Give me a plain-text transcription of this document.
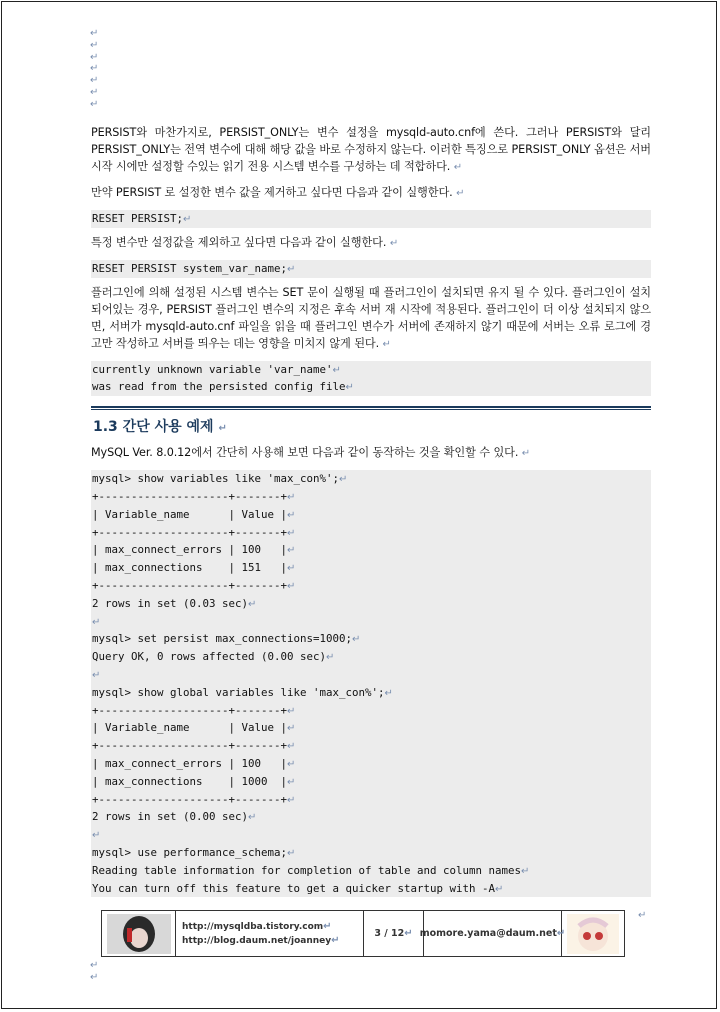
↵
↵
↵
↵
↵
↵
↵

PERSIST와 마찬가지로, PERSIST_ONLY는 변수 설정을 mysqld-auto.cnf에 쓴다. 그러나 PERSIST와 달리 PERSIST_ONLY는 전역 변수에 대해 해당 값을 바로 수정하지 않는다. 이러한 특징으로 PERSIST_ONLY 옵션은 서버 시작 시에만 설정할 수있는 읽기 전용 시스템 변수를 구성하는 데 적합하다. ↵

만약 PERSIST 로 설정한 변수 값을 제거하고 싶다면 다음과 같이 실행한다. ↵

RESET PERSIST;↵

특정 변수만 설정값을 제외하고 싶다면 다음과 같이 실행한다. ↵

RESET PERSIST system_var_name;↵

플러그인에 의해 설정된 시스템 변수는 SET 문이 실행될 때 플러그인이 설치되면 유지 될 수 있다. 플러그인이 설치되어있는 경우, PERSIST 플러그인 변수의 지정은 후속 서버 재 시작에 적용된다. 플러그인이 더 이상 설치되지 않으면, 서버가 mysqld-auto.cnf 파일을 읽을 때 플러그인 변수가 서버에 존재하지 않기 때문에 서버는 오류 로그에 경고만 작성하고 서버를 띄우는 데는 영향을 미치지 않게 된다. ↵

currently unknown variable 'var_name'↵
was read from the persisted config file↵
1.3 간단 사용 예제 ↵

MySQL Ver. 8.0.12에서 간단히 사용해 보면 다음과 같이 동작하는 것을 확인할 수 있다. ↵

mysql> show variables like 'max_con%';↵
+--------------------+-------+↵
| Variable_name      | Value |↵
+--------------------+-------+↵
| max_connect_errors | 100   |↵
| max_connections    | 151   |↵
+--------------------+-------+↵
2 rows in set (0.03 sec)↵
↵
mysql> set persist max_connections=1000;↵
Query OK, 0 rows affected (0.00 sec)↵
↵
mysql> show global variables like 'max_con%';↵
+--------------------+-------+↵
| Variable_name      | Value |↵
+--------------------+-------+↵
| max_connect_errors | 100   |↵
| max_connections    | 1000  |↵
+--------------------+-------+↵
2 rows in set (0.00 sec)↵
↵
mysql> use performance_schema;↵
Reading table information for completion of table and column names↵
You can turn off this feature to get a quicker startup with -A↵
http://mysqldba.tistory.com↵
http://blog.daum.net/joanney↵
3 / 12 ↵ momore.yama@daum.net ↵
↵
↵
↵
